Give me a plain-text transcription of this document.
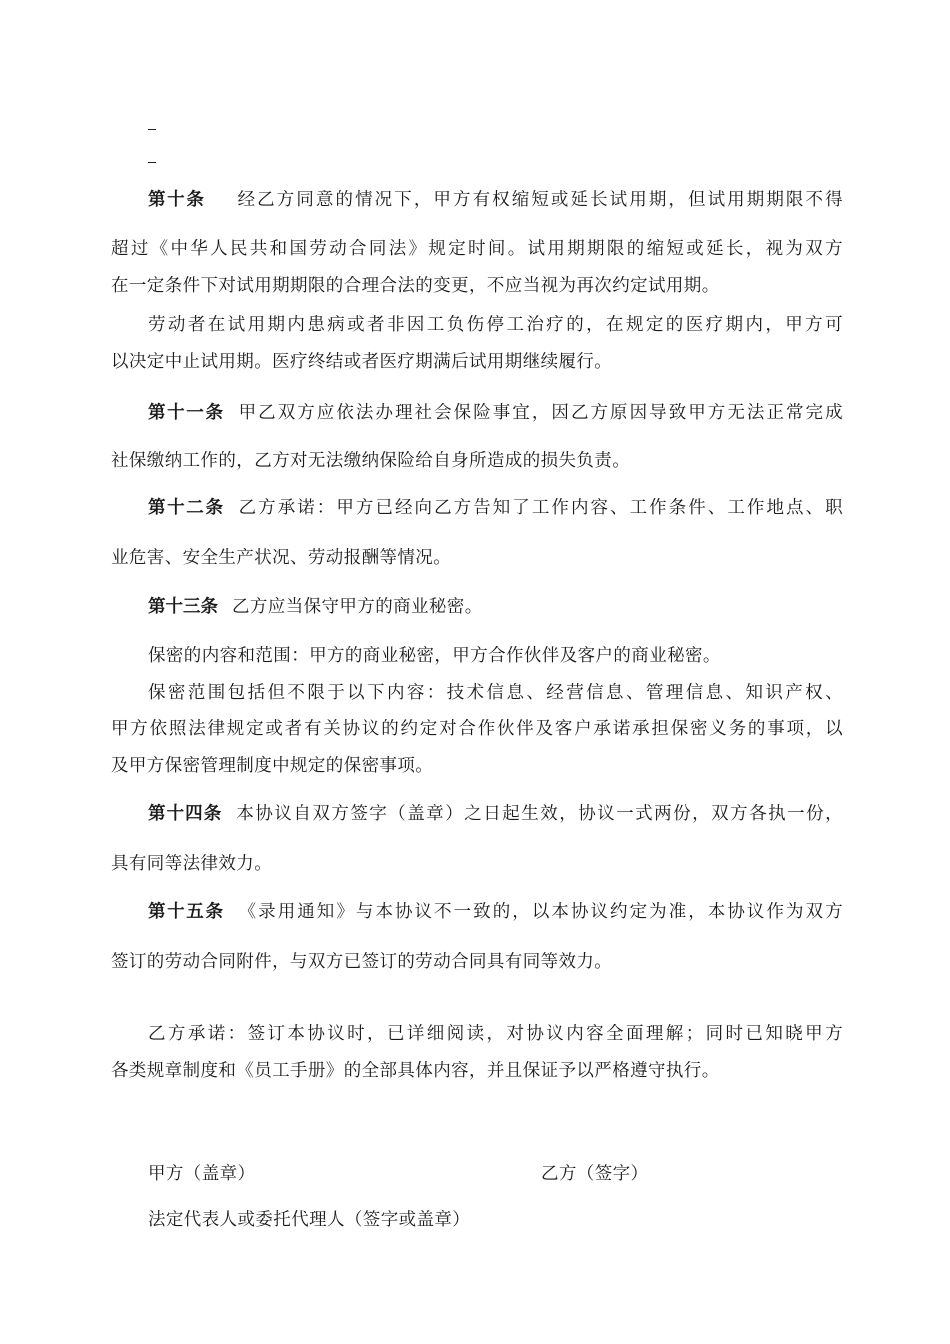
第十条 经乙方同意的情况下，甲方有权缩短或延长试用期，但试用期期限不得
超过《中华人民共和国劳动合同法》规定时间。试用期期限的缩短或延长，视为双方
在一定条件下对试用期期限的合理合法的变更，不应当视为再次约定试用期。
劳动者在试用期内患病或者非因工负伤停工治疗的，在规定的医疗期内，甲方可
以决定中止试用期。医疗终结或者医疗期满后试用期继续履行。
第十一条 甲乙双方应依法办理社会保险事宜，因乙方原因导致甲方无法正常完成
社保缴纳工作的，乙方对无法缴纳保险给自身所造成的损失负责。
第十二条 乙方承诺：甲方已经向乙方告知了工作内容、工作条件、工作地点、职
业危害、安全生产状况、劳动报酬等情况。
第十三条 乙方应当保守甲方的商业秘密。
保密的内容和范围：甲方的商业秘密，甲方合作伙伴及客户的商业秘密。
保密范围包括但不限于以下内容：技术信息、经营信息、管理信息、知识产权、
甲方依照法律规定或者有关协议的约定对合作伙伴及客户承诺承担保密义务的事项，以
及甲方保密管理制度中规定的保密事项。
第十四条 本协议自双方签字（盖章）之日起生效，协议一式两份，双方各执一份，
具有同等法律效力。
第十五条 《录用通知》与本协议不一致的，以本协议约定为准，本协议作为双方
签订的劳动合同附件，与双方已签订的劳动合同具有同等效力。
乙方承诺：签订本协议时，已详细阅读，对协议内容全面理解；同时已知晓甲方
各类规章制度和《员工手册》的全部具体内容，并且保证予以严格遵守执行。
甲方（盖章）	乙方（签字）
法定代表人或委托代理人（签字或盖章）
